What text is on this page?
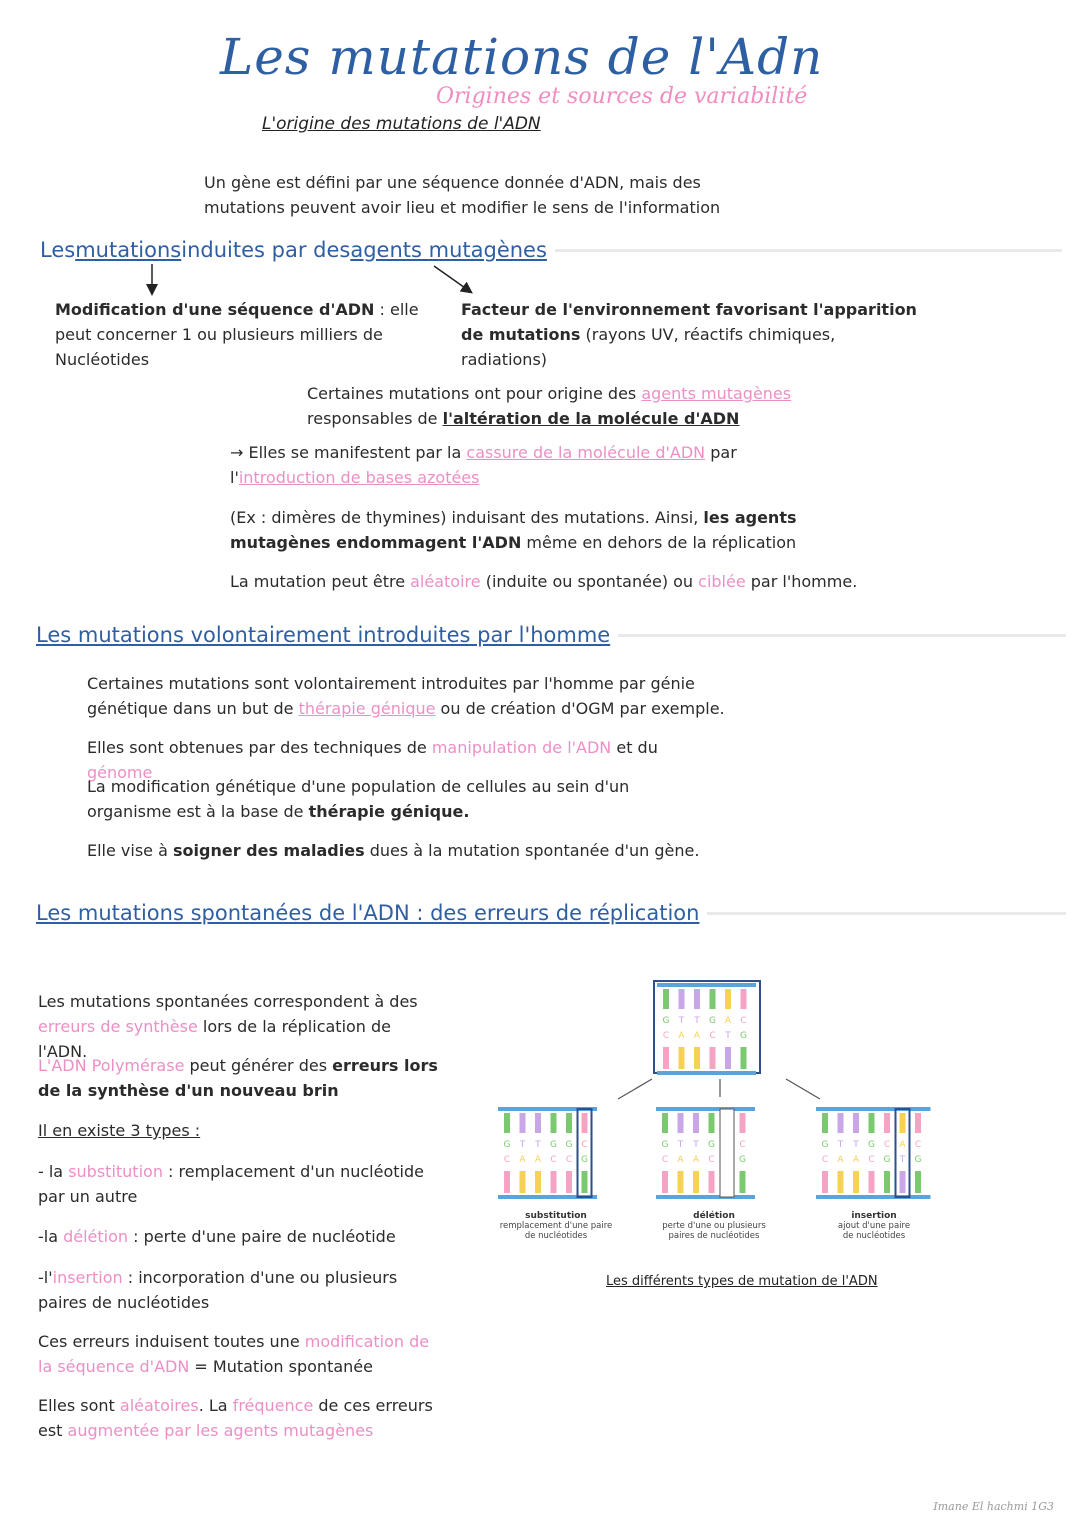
Les mutations de l'Adn
Origines et sources de variabilité
L'origine des mutations de l'ADN
Un gène est défini par une séquence donnée d'ADN, mais des mutations peuvent avoir lieu et modifier le sens de l'information
Les mutations induites par des agents mutagènes
Modification d'une séquence d'ADN : elle peut concerner 1 ou plusieurs milliers de Nucléotides
Facteur de l'environnement favorisant l'apparition de mutations (rayons UV, réactifs chimiques, radiations)
Certaines mutations ont pour origine des agents mutagènes responsables de l'altération de la molécule d'ADN
→ Elles se manifestent par la cassure de la molécule d'ADN par l'introduction de bases azotées
(Ex : dimères de thymines) induisant des mutations. Ainsi, les agents mutagènes endommagent l'ADN même en dehors de la réplication
La mutation peut être aléatoire (induite ou spontanée) ou ciblée par l'homme.
Les mutations volontairement introduites par l'homme
Certaines mutations sont volontairement introduites par l'homme par génie génétique dans un but de thérapie génique ou de création d'OGM par exemple.
Elles sont obtenues par des techniques de manipulation de l'ADN et du génome
La modification génétique d'une population de cellules au sein d'un organisme est à la base de thérapie génique.
Elle vise à soigner des maladies dues à la mutation spontanée d'un gène.
Les mutations spontanées de l'ADN : des erreurs de réplication
Les mutations spontanées correspondent à des erreurs de synthèse lors de la réplication de l'ADN.
L'ADN Polymérase peut générer des erreurs lors de la synthèse d'un nouveau brin
Il en existe 3 types :
- la substitution : remplacement d'un nucléotide par un autre
-la délétion : perte d'une paire de nucléotide
-l'insertion : incorporation d'une ou plusieurs paires de nucléotides
Ces erreurs induisent toutes une modification de la séquence d'ADN = Mutation spontanée
Elles sont aléatoires. La fréquence de ces erreurs est augmentée par les agents mutagènes
G
C
T
A
T
A
G
C
A
T
C
G
G
C
T
A
T
A
G
C
G
C
C
G
substitution
remplacement d'une paire
de nucléotides
G
C
T
A
T
A
G
C
C
G
délétion
perte d'une ou plusieurs
paires de nucléotides
G
C
T
A
T
A
G
C
C
G
A
T
C
G
insertion
ajout d'une paire
de nucléotides
Les différents types de mutation de l'ADN
Imane El hachmi 1G3
